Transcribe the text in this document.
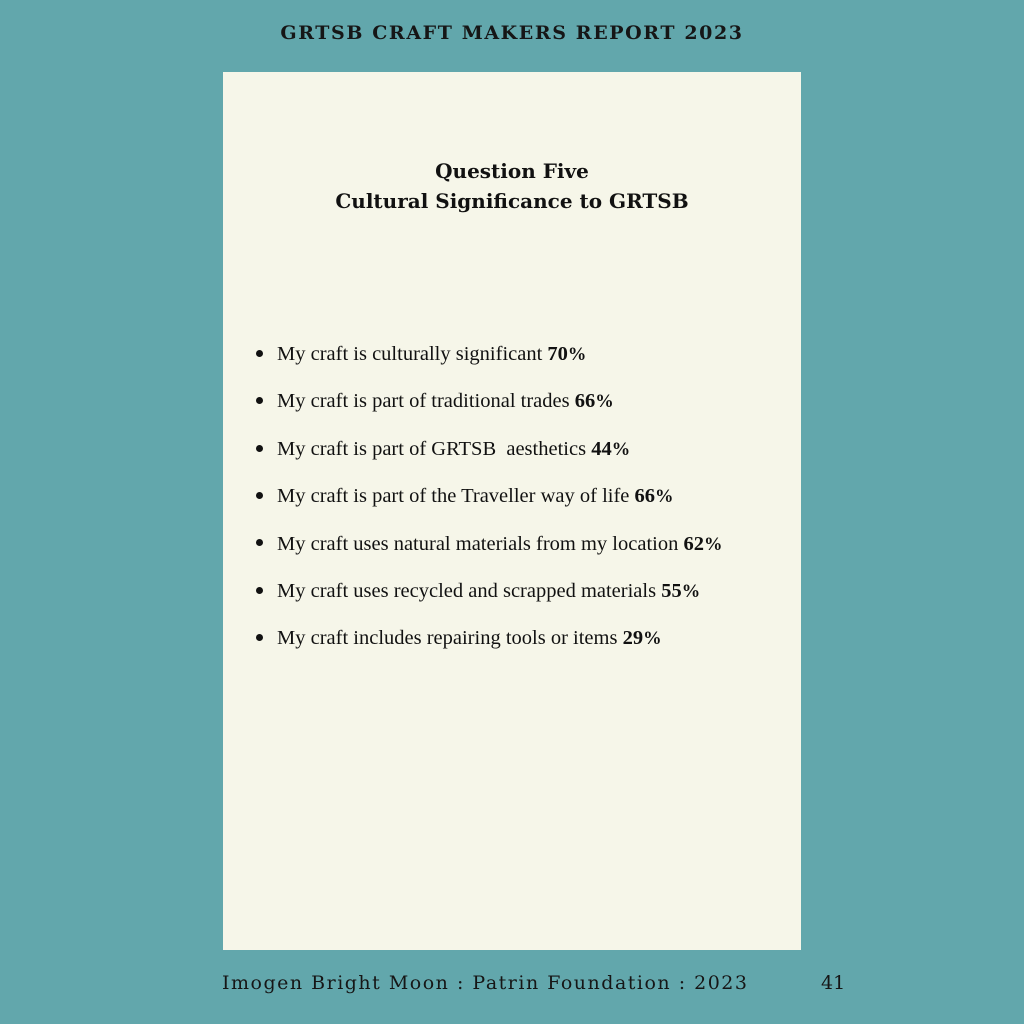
GRTSB CRAFT MAKERS REPORT 2023
Question Five
Cultural Significance to GRTSB
My craft is culturally significant 70%
My craft is part of traditional trades 66%
My craft is part of GRTSB  aesthetics 44%
My craft is part of the Traveller way of life 66%
My craft uses natural materials from my location 62%
My craft uses recycled and scrapped materials 55%
My craft includes repairing tools or items 29%
Imogen Bright Moon : Patrin Foundation : 2023	41
